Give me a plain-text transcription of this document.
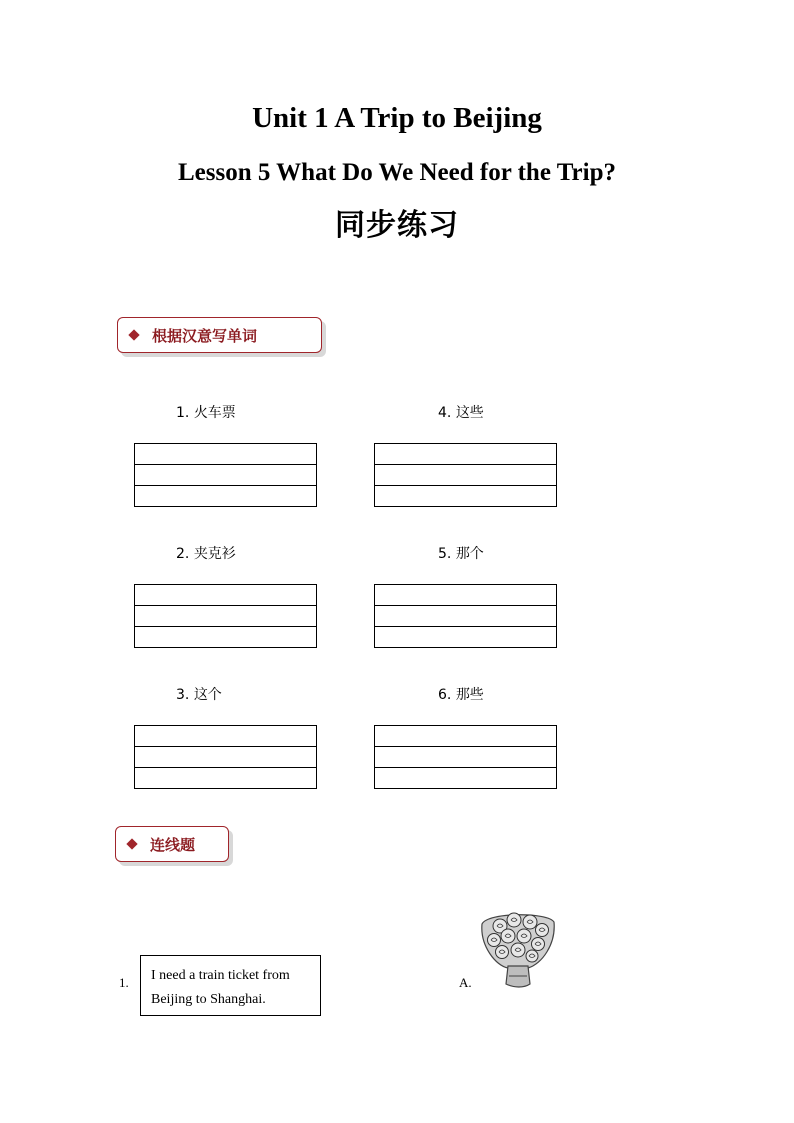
Unit 1 A Trip to Beijing
Lesson 5 What Do We Need for the Trip?
同步练习
根据汉意写单词
1. 火车票
2. 夹克衫
3. 这个
4. 这些
5. 那个
6. 那些
连线题
1.	I need a train ticket from Beijing to Shanghai.
A.
